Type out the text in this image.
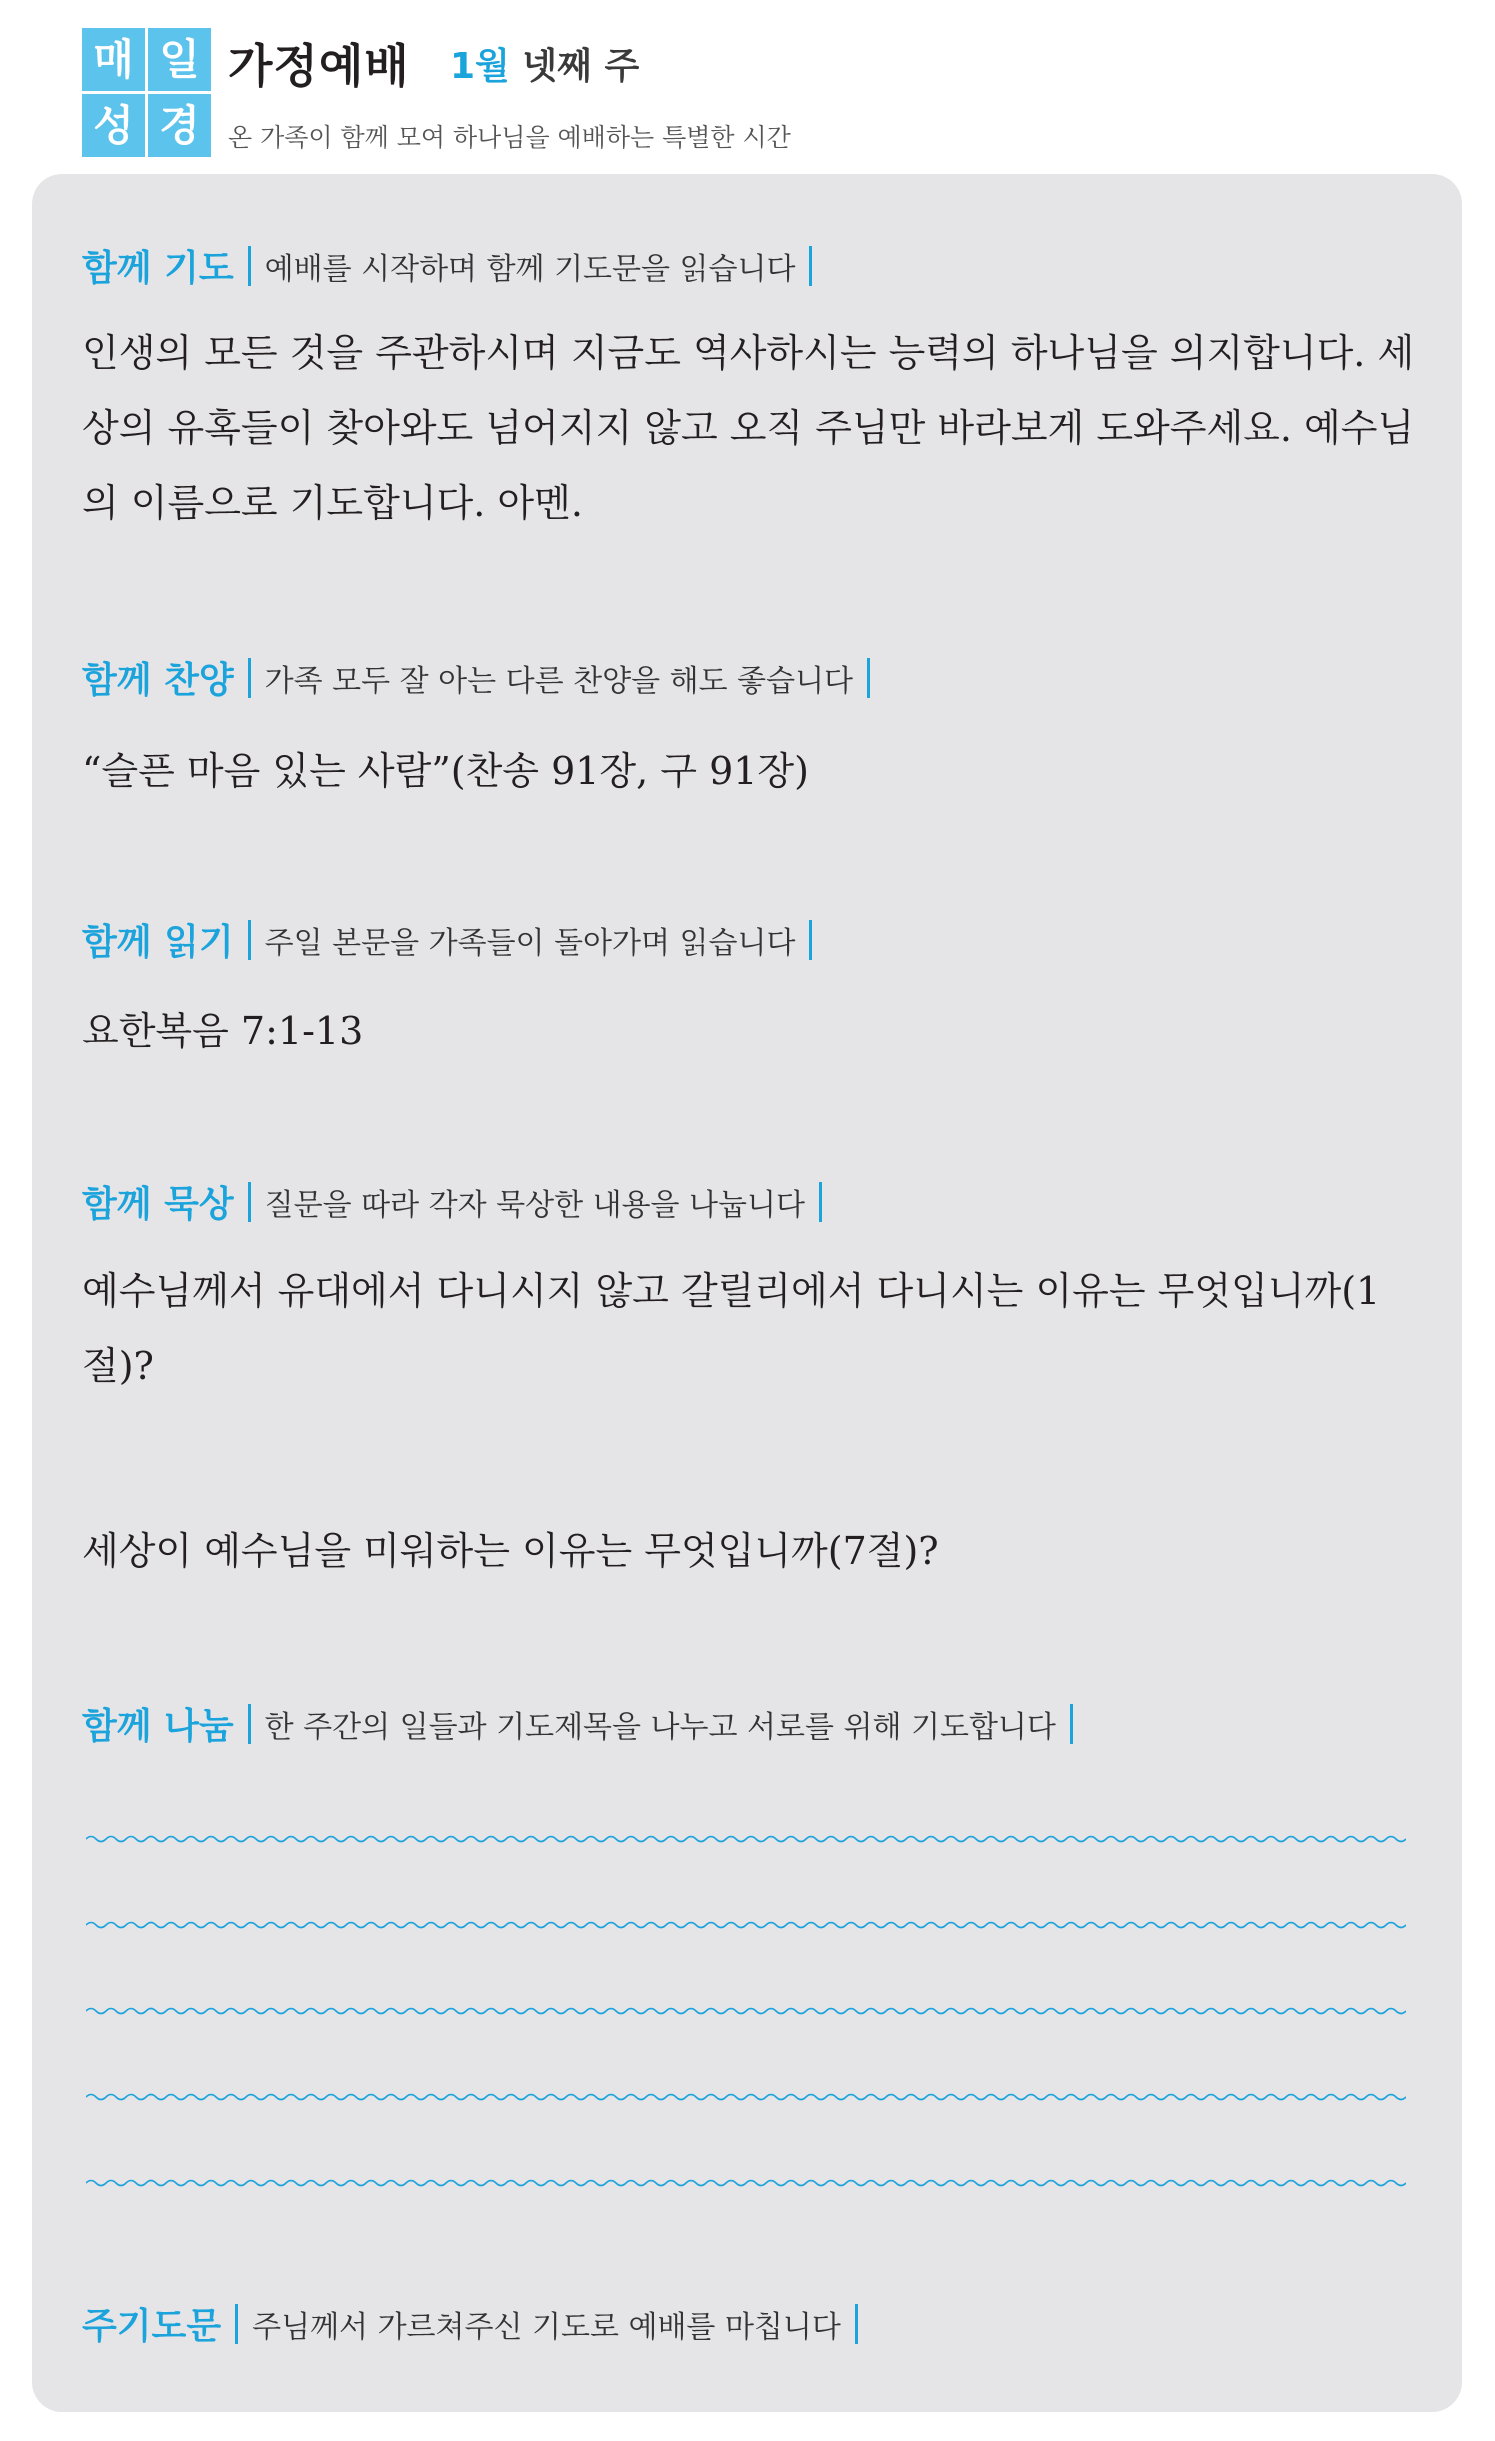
매 일
성 경
가정예배 1월 넷째 주
온 가족이 함께 모여 하나님을 예배하는 특별한 시간
함께 기도 예배를 시작하며 함께 기도문을 읽습니다
인생의 모든 것을 주관하시며 지금도 역사하시는 능력의 하나님을 의지합니다. 세상의 유혹들이 찾아와도 넘어지지 않고 오직 주님만 바라보게 도와주세요. 예수님의 이름으로 기도합니다. 아멘.
함께 찬양 가족 모두 잘 아는 다른 찬양을 해도 좋습니다
“슬픈 마음 있는 사람”(찬송 91장, 구 91장)
함께 읽기 주일 본문을 가족들이 돌아가며 읽습니다
요한복음 7:1-13
함께 묵상 질문을 따라 각자 묵상한 내용을 나눕니다
예수님께서 유대에서 다니시지 않고 갈릴리에서 다니시는 이유는 무엇입니까(1절)?
세상이 예수님을 미워하는 이유는 무엇입니까(7절)?
함께 나눔 한 주간의 일들과 기도제목을 나누고 서로를 위해 기도합니다
주기도문 주님께서 가르쳐주신 기도로 예배를 마칩니다
